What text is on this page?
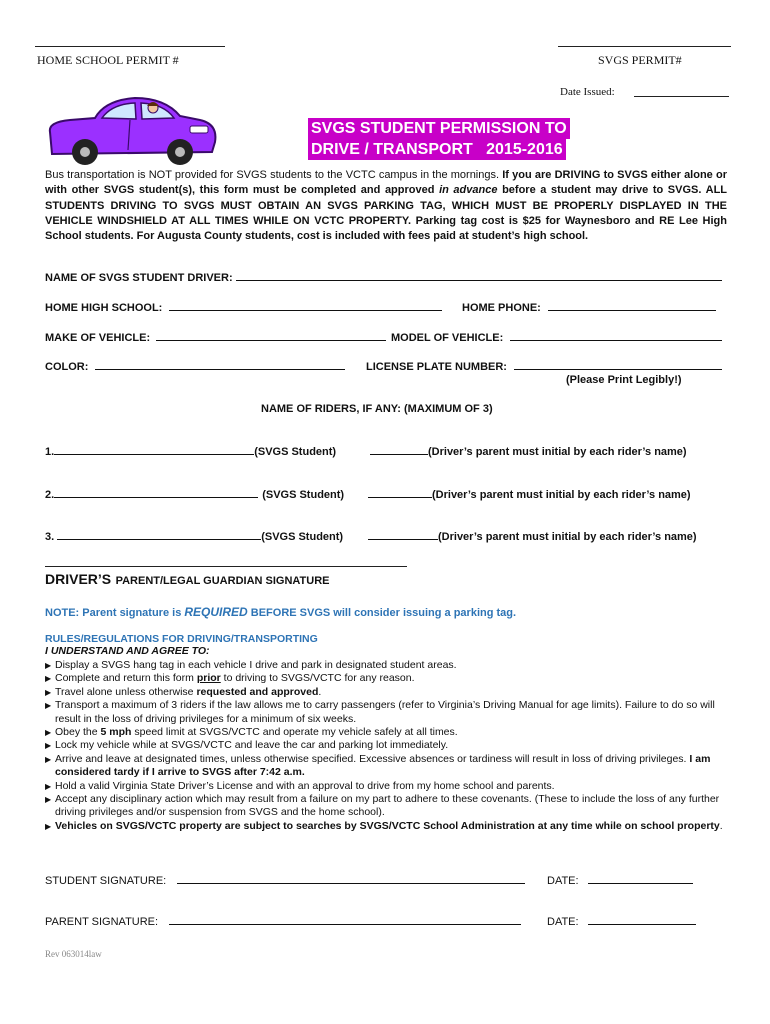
HOME SCHOOL PERMIT #	SVGS PERMIT#
Date Issued:
SVGS STUDENT PERMISSION TO
DRIVE / TRANSPORT   2015-2016
Bus transportation is NOT provided for SVGS students to the VCTC campus in the mornings. If you are DRIVING to SVGS either alone or with other SVGS student(s), this form must be completed and approved in advance before a student may drive to SVGS. ALL STUDENTS DRIVING TO SVGS MUST OBTAIN AN SVGS PARKING TAG, WHICH MUST BE PROPERLY DISPLAYED IN THE VEHICLE WINDSHIELD AT ALL TIMES WHILE ON VCTC PROPERTY. Parking tag cost is $25 for Waynesboro and RE Lee High School students. For Augusta County students, cost is included with fees paid at student’s high school.
NAME OF SVGS STUDENT DRIVER:
HOME HIGH SCHOOL:	HOME PHONE:
MAKE OF VEHICLE:	MODEL OF VEHICLE:
COLOR:	LICENSE PLATE NUMBER:
(Please Print Legibly!)
NAME OF RIDERS, IF ANY: (MAXIMUM OF 3)
1.	(SVGS Student)	(Driver’s parent must initial by each rider’s name)
2.	(SVGS Student)	(Driver’s parent must initial by each rider’s name)
3.	(SVGS Student)	(Driver’s parent must initial by each rider’s name)
DRIVER’S PARENT/LEGAL GUARDIAN SIGNATURE
NOTE: Parent signature is REQUIRED BEFORE SVGS will consider issuing a parking tag.
RULES/REGULATIONS FOR DRIVING/TRANSPORTING
I UNDERSTAND AND AGREE TO:
▶ Display a SVGS hang tag in each vehicle I drive and park in designated student areas.
▶ Complete and return this form prior to driving to SVGS/VCTC for any reason.
▶ Travel alone unless otherwise requested and approved.
▶ Transport a maximum of 3 riders if the law allows me to carry passengers (refer to Virginia’s Driving Manual for age limits). Failure to do so will result in the loss of driving privileges for a minimum of six weeks.
▶ Obey the 5 mph speed limit at SVGS/VCTC and operate my vehicle safely at all times.
▶ Lock my vehicle while at SVGS/VCTC and leave the car and parking lot immediately.
▶ Arrive and leave at designated times, unless otherwise specified. Excessive absences or tardiness will result in loss of driving privileges. I am considered tardy if I arrive to SVGS after 7:42 a.m.
▶ Hold a valid Virginia State Driver’s License and with an approval to drive from my home school and parents.
▶ Accept any disciplinary action which may result from a failure on my part to adhere to these covenants. (These to include the loss of any further driving privileges and/or suspension from SVGS and the home school).
▶ Vehicles on SVGS/VCTC property are subject to searches by SVGS/VCTC School Administration at any time while on school property.
STUDENT SIGNATURE:	DATE:
PARENT SIGNATURE:	DATE:
Rev 063014law
